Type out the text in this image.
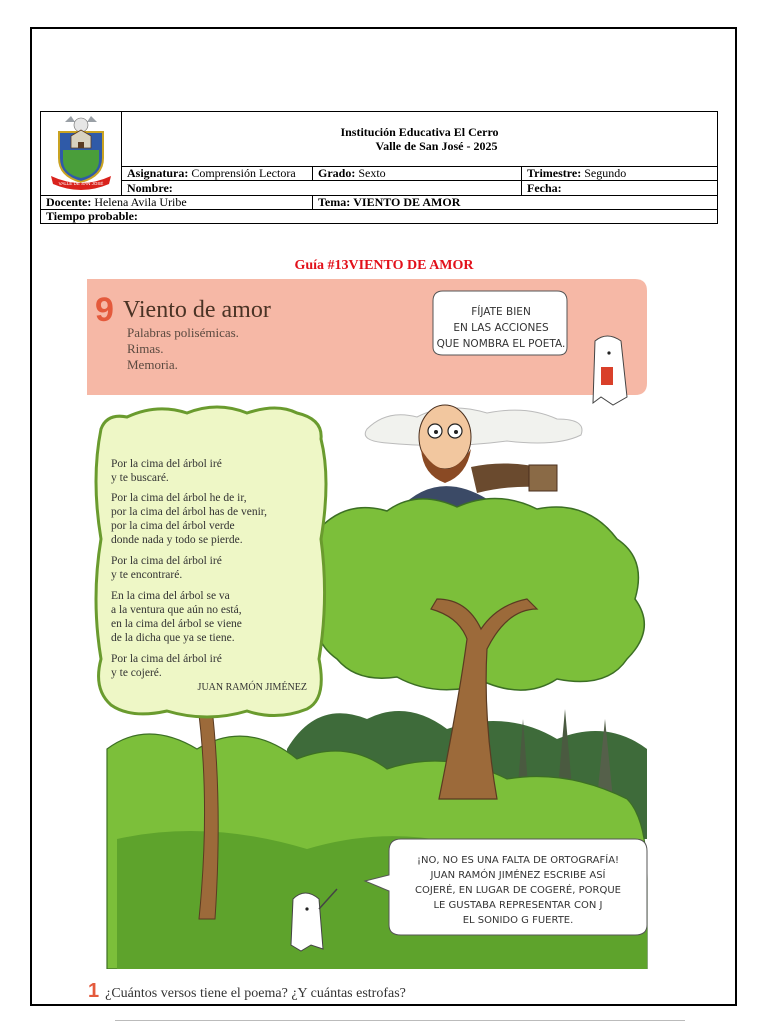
VALLE DE SAN JOSÉ	Institución Educativa El Cerro
Valle de San José - 2025		

	Asignatura: Comprensión Lectora	Grado: Sexto	Trimestre: Segundo
	Nombre:		Fecha:
Docente: Helena Avila Uribe		Tema: VIENTO DE AMOR	
Tiempo probable:			
Guía #13VIENTO DE AMOR
9 Viento de amor
Palabras polisémicas.
Rimas.
Memoria.
FÍJATE BIEN
EN LAS ACCIONES
QUE NOMBRA EL POETA.
Por la cima del árbol iré
y te buscaré.
Por la cima del árbol he de ir,
por la cima del árbol has de venir,
por la cima del árbol verde
donde nada y todo se pierde.
Por la cima del árbol iré
y te encontraré.
En la cima del árbol se va
a la ventura que aún no está,
en la cima del árbol se viene
de la dicha que ya se tiene.
Por la cima del árbol iré
y te cojeré.
JUAN RAMÓN JIMÉNEZ
¡NO, NO ES UNA FALTA DE ORTOGRAFÍA!
JUAN RAMÓN JIMÉNEZ ESCRIBE ASÍ
COJERÉ, EN LUGAR DE COGERÉ, PORQUE
LE GUSTABA REPRESENTAR CON J
EL SONIDO G FUERTE.
1 ¿Cuántos versos tiene el poema? ¿Y cuántas estrofas?
